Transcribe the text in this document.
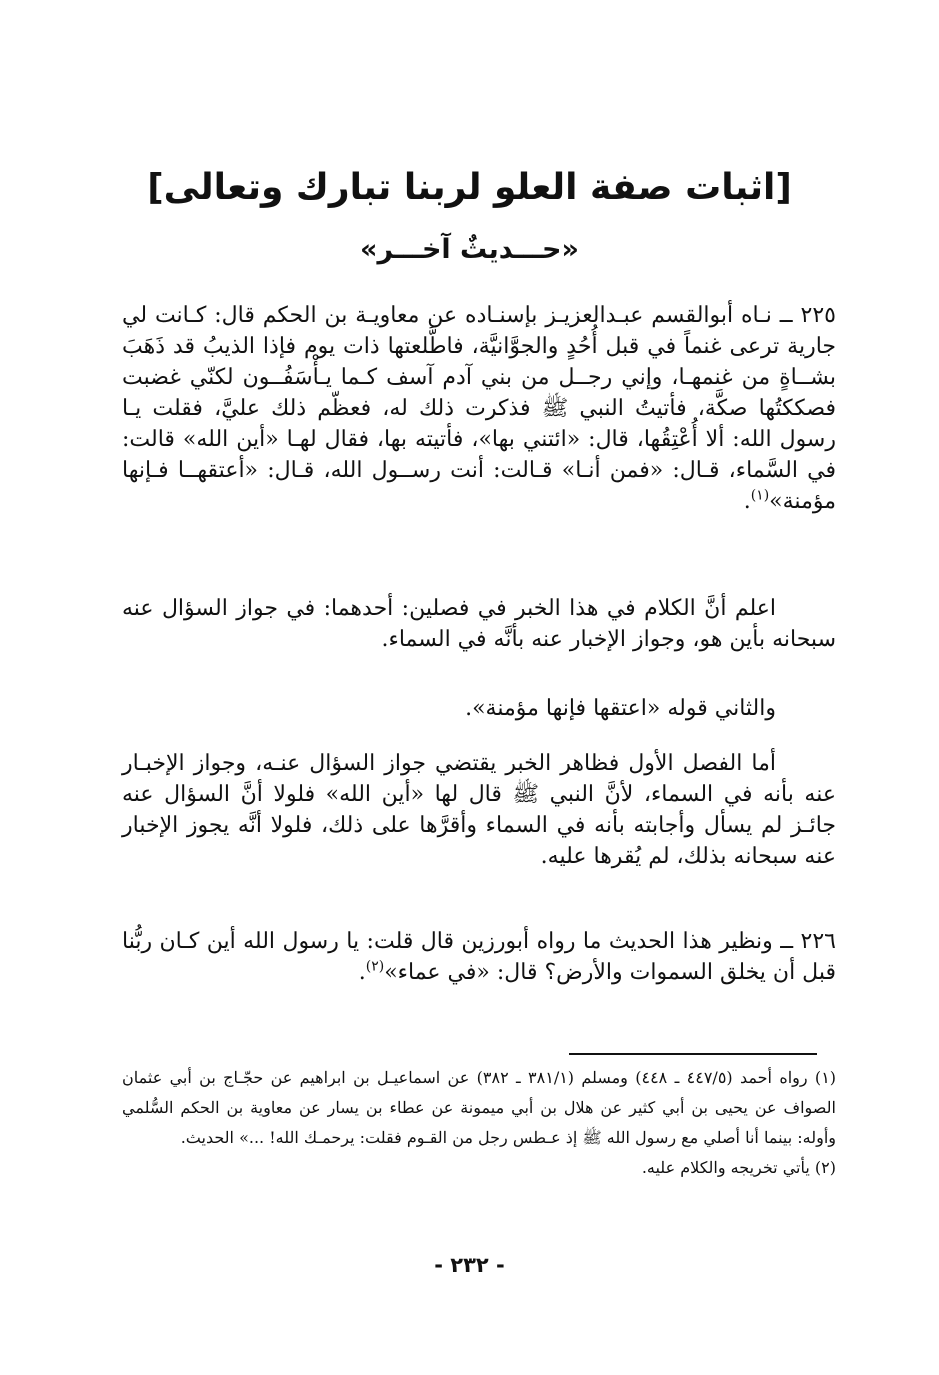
[اثبات صفة العلو لربنا تبارك وتعالى]
«حـــديثٌ آخـــر»
٢٢٥ ــ نـاه أبوالقسم عبـدالعزيـز بإسنـاده عن معاويـة بن الحكم قال: كـانت لي جارية ترعى غنماً في قبل أُحُدٍ والجوَّانيَّة، فاطَّلعتها ذات يوم فإذا الذيبُ قد ذَهَبَ بشــاةٍ من غنمهـا، وإني رجــل من بني آدم آسف كـما يـأْسَفُــون لكنّي غضبت فصككتُها صكَّة، فأتيتُ النبي ﷺ فذكرت ذلك له، فعظّم ذلك عليَّ، فقلت يـا رسول الله: ألا أُعْتِقُها، قال: «ائتني بها»، فأتيته بها، فقال لهـا «أين الله» قالت: في السَّماء، قـال: «فمن أنـا» قـالت: أنت رســول الله، قـال: «أعتقهــا فـإنها مؤمنة»$^{(١)}$.
اعلم أنَّ الكلام في هذا الخبر في فصلين: أحدهما: في جواز السؤال عنه سبحانه بأين هو، وجواز الإخبار عنه بأنَّه في السماء.
والثاني قوله «اعتقها فإنها مؤمنة».
أما الفصل الأول فظاهر الخبر يقتضي جواز السؤال عنـه، وجواز الإخبـار عنه بأنه في السماء، لأنَّ النبي ﷺ قال لها «أين الله» فلولا أنَّ السؤال عنه جائـز لم يسأل وأجابته بأنه في السماء وأقرَّها على ذلك، فلولا أنَّه يجوز الإخبار عنه سبحانه بذلك، لم يُقرها عليه.
٢٢٦ ــ ونظير هذا الحديث ما رواه أبورزين قال قلت: يا رسول الله أين كـان ربُّنا قبل أن يخلق السموات والأرض؟ قال: «في عماء»$^{(٢)}$.

(١) رواه أحمد (٤٤٧/٥ ـ ٤٤٨) ومسلم (٣٨١/١ ـ ٣٨٢) عن اسماعيـل بن ابراهيم عن حجّـاج بن أبي عثمان الصواف عن يحيى بن أبي كثير عن هلال بن أبي ميمونة عن عطاء بن يسار عن معاوية بن الحكم السُّلمي وأوله: بينما أنا أصلي مع رسول الله ﷺ إذ عـطس رجل من القـوم فقلت: يرحمـك الله! ...» الحديث.

(٢) يأتي تخريجه والكلام عليه.

- ٢٣٢ -
